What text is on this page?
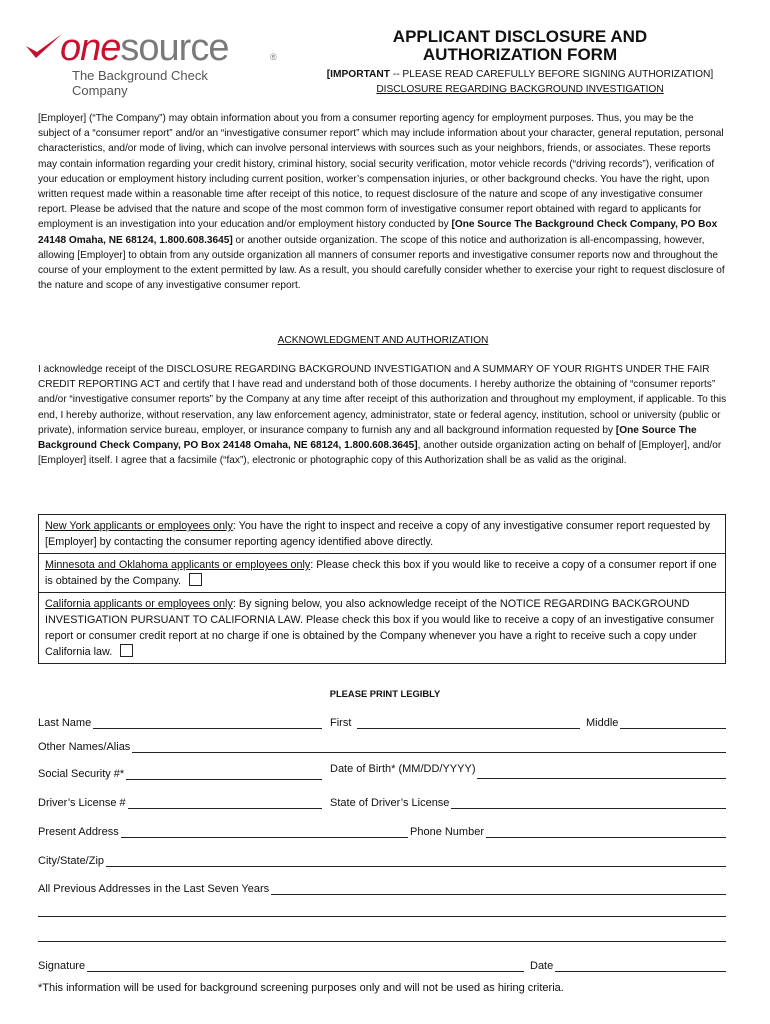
onesource	®
The Background Check Company
APPLICANT DISCLOSURE AND
AUTHORIZATION FORM
[IMPORTANT -- PLEASE READ CAREFULLY BEFORE SIGNING AUTHORIZATION]
DISCLOSURE REGARDING BACKGROUND INVESTIGATION
[Employer] (“The Company”) may obtain information about you from a consumer reporting agency for employment purposes. Thus, you may be the subject of a “consumer report” and/or an “investigative consumer report” which may include information about your character, general reputation, personal characteristics, and/or mode of living, which can involve personal interviews with sources such as your neighbors, friends, or associates. These reports may contain information regarding your credit history, criminal history, social security verification, motor vehicle records (“driving records”), verification of your education or employment history including current position, worker’s compensation injuries, or other background checks. You have the right, upon written request made within a reasonable time after receipt of this notice, to request disclosure of the nature and scope of any investigative consumer report. Please be advised that the nature and scope of the most common form of investigative consumer report obtained with regard to applicants for employment is an investigation into your education and/or employment history conducted by [One Source The Background Check Company, PO Box 24148 Omaha, NE 68124, 1.800.608.3645] or another outside organization. The scope of this notice and authorization is all-encompassing, however, allowing [Employer] to obtain from any outside organization all manners of consumer reports and investigative consumer reports now and throughout the course of your employment to the extent permitted by law. As a result, you should carefully consider whether to exercise your right to request disclosure of the nature and scope of any investigative consumer report.
ACKNOWLEDGMENT AND AUTHORIZATION
I acknowledge receipt of the DISCLOSURE REGARDING BACKGROUND INVESTIGATION and A SUMMARY OF YOUR RIGHTS UNDER THE FAIR CREDIT REPORTING ACT and certify that I have read and understand both of those documents. I hereby authorize the obtaining of “consumer reports” and/or “investigative consumer reports” by the Company at any time after receipt of this authorization and throughout my employment, if applicable. To this end, I hereby authorize, without reservation, any law enforcement agency, administrator, state or federal agency, institution, school or university (public or private), information service bureau, employer, or insurance company to furnish any and all background information requested by [One Source The Background Check Company, PO Box 24148 Omaha, NE 68124, 1.800.608.3645], another outside organization acting on behalf of [Employer], and/or [Employer] itself. I agree that a facsimile (“fax”), electronic or photographic copy of this Authorization shall be as valid as the original.
New York applicants or employees only: You have the right to inspect and receive a copy of any investigative consumer report requested by [Employer] by contacting the consumer reporting agency identified above directly.
Minnesota and Oklahoma applicants or employees only: Please check this box if you would like to receive a copy of a consumer report if one is obtained by the Company.
California applicants or employees only: By signing below, you also acknowledge receipt of the NOTICE REGARDING BACKGROUND INVESTIGATION PURSUANT TO CALIFORNIA LAW. Please check this box if you would like to receive a copy of an investigative consumer report or consumer credit report at no charge if one is obtained by the Company whenever you have a right to receive such a copy under California law.
PLEASE PRINT LEGIBLY
Last Name	First	Middle
Other Names/Alias
Social Security #*	Date of Birth* (MM/DD/YYYY)
Driver’s License #	State of Driver’s License
Present Address	Phone Number
City/State/Zip
All Previous Addresses in the Last Seven Years
Signature	Date
*This information will be used for background screening purposes only and will not be used as hiring criteria.
